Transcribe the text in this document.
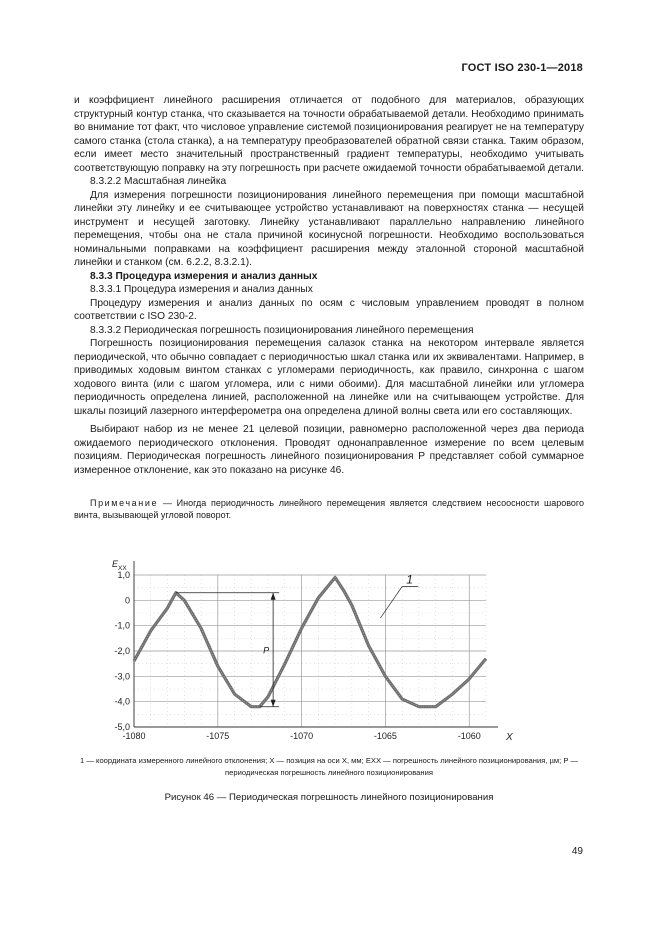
ГОСТ ISO 230-1—2018

и коэффициент линейного расширения отличается от подобного для материалов, образующих структурный контур станка, что сказывается на точности обрабатываемой детали. Необходимо принимать во внимание тот факт, что числовое управление системой позиционирования реагирует не на температуру самого станка (стола станка), а на температуру преобразователей обратной связи станка. Таким образом, если имеет место значительный пространственный градиент температуры, необходимо учитывать соответствующую поправку на эту погрешность при расчете ожидаемой точности обрабатываемой детали.

8.3.2.2 Масштабная линейка

Для измерения погрешности позиционирования линейного перемещения при помощи масштабной линейки эту линейку и ее считывающее устройство устанавливают на поверхностях станка — несущей инструмент и несущей заготовку. Линейку устанавливают параллельно направлению линейного перемещения, чтобы она не стала причиной косинусной погрешности. Необходимо воспользоваться номинальными поправками на коэффициент расширения между эталонной стороной масштабной линейки и станком (см. 6.2.2, 8.3.2.1).

8.3.3 Процедура измерения и анализ данных

8.3.3.1 Процедура измерения и анализ данных

Процедуру измерения и анализ данных по осям с числовым управлением проводят в полном соответствии с ISO 230-2.

8.3.3.2 Периодическая погрешность позиционирования линейного перемещения

Погрешность позиционирования перемещения салазок станка на некотором интервале является периодической, что обычно совпадает с периодичностью шкал станка или их эквивалентами. Например, в приводимых ходовым винтом станках с угломерами периодичность, как правило, синхронна с шагом ходового винта (или с шагом угломера, или с ними обоими). Для масштабной линейки или угломера периодичность определена линией, расположенной на линейке или на считывающем устройстве. Для шкалы позиций лазерного интерферометра она определена длиной волны света или его составляющих.

Выбирают набор из не менее 21 целевой позиции, равномерно расположенной через два периода ожидаемого периодического отклонения. Проводят однонаправленное измерение по всем целевым позициям. Периодическая погрешность линейного позиционирования P представляет собой суммарное измеренное отклонение, как это показано на рисунке 46.

Примечание — Иногда периодичность линейного перемещения является следствием несоосности шарового винта, вызывающей угловой поворот.
1,0
0
-1,0
-2,0
-3,0
-4,0
-5,0
-1080	-1075	-1070	-1065	-1060
E XX
X
P
1
1 — координата измеренного линейного отклонения; X — позиция на оси X, мм; EXX — погрешность линейного позиционирования, µм; P — периодическая погрешность линейного позиционирования
Рисунок 46 — Периодическая погрешность линейного позиционирования
49
